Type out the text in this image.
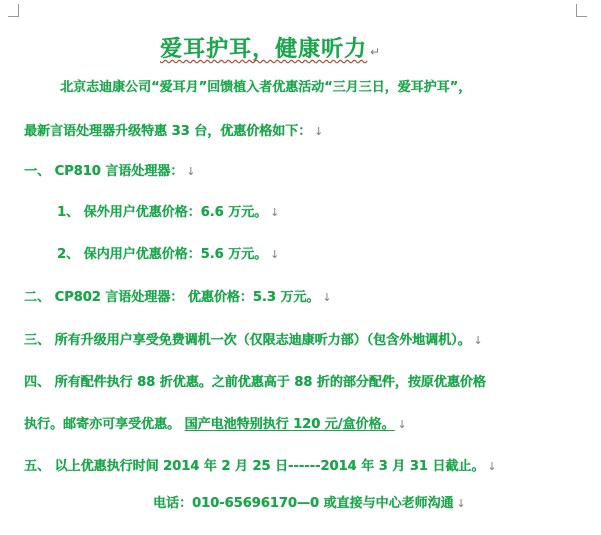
爱耳护耳，健康听力 ↵
北京志迪康公司“爱耳月”回馈植入者优惠活动“三月三日，爱耳护耳”，
最新言语处理器升级特惠 33 台，优惠价格如下： ↓
一、 CP810 言语处理器： ↓
1、 保外用户优惠价格：6.6 万元。 ↓
2、 保内用户优惠价格：5.6 万元。 ↓
二、 CP802 言语处理器： 优惠价格：5.3 万元。 ↓
三、 所有升级用户享受免费调机一次（仅限志迪康听力部）（包含外地调机）。 ↓
四、 所有配件执行 88 折优惠。之前优惠高于 88 折的部分配件，按原优惠价格
执行。邮寄亦可享受优惠。 国产电池特别执行 120 元/盒价格。 ↓
五、 以上优惠执行时间 2014 年 2 月 25 日------2014 年 3 月 31 日截止。 ↓
电话：010-65696170—0 或直接与中心老师沟通 ↓
